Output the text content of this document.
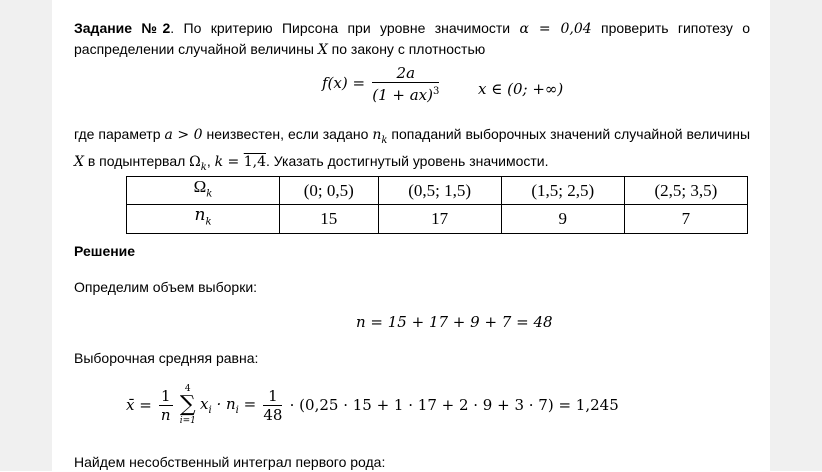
Задание №2. По критерию Пирсона при уровне значимости α = 0,04 проверить гипотезу о распределении случайной величины X по закону с плотностью
$f(x) = \frac{2a}{(1 + ax)^3}$	x ∈ (0; +∞)
где параметр a > 0 неизвестен, если задано $n_k$ попаданий выборочных значений случайной величины X в подынтервал $\Omega_k$, k = 1,4. Указать достигнутый уровень значимости.
$\Omega_k$	(0; 0,5)	(0,5; 1,5)	(1,5; 2,5)	(2,5; 3,5)
$n_k$	15	17	9	7
Решение
Определим объем выборки:
n = 15 + 17 + 9 + 7 = 48
Выборочная средняя равна:
x̄ = $\frac{1}{n}$
	4
∑
i=1
$x_i \cdot n_i = \frac{1}{48} \cdot (0,25 \cdot 15 + 1 \cdot 17 + 2 \cdot 9 + 3 \cdot 7) = 1,245$
Найдем несобственный интеграл первого рода:
